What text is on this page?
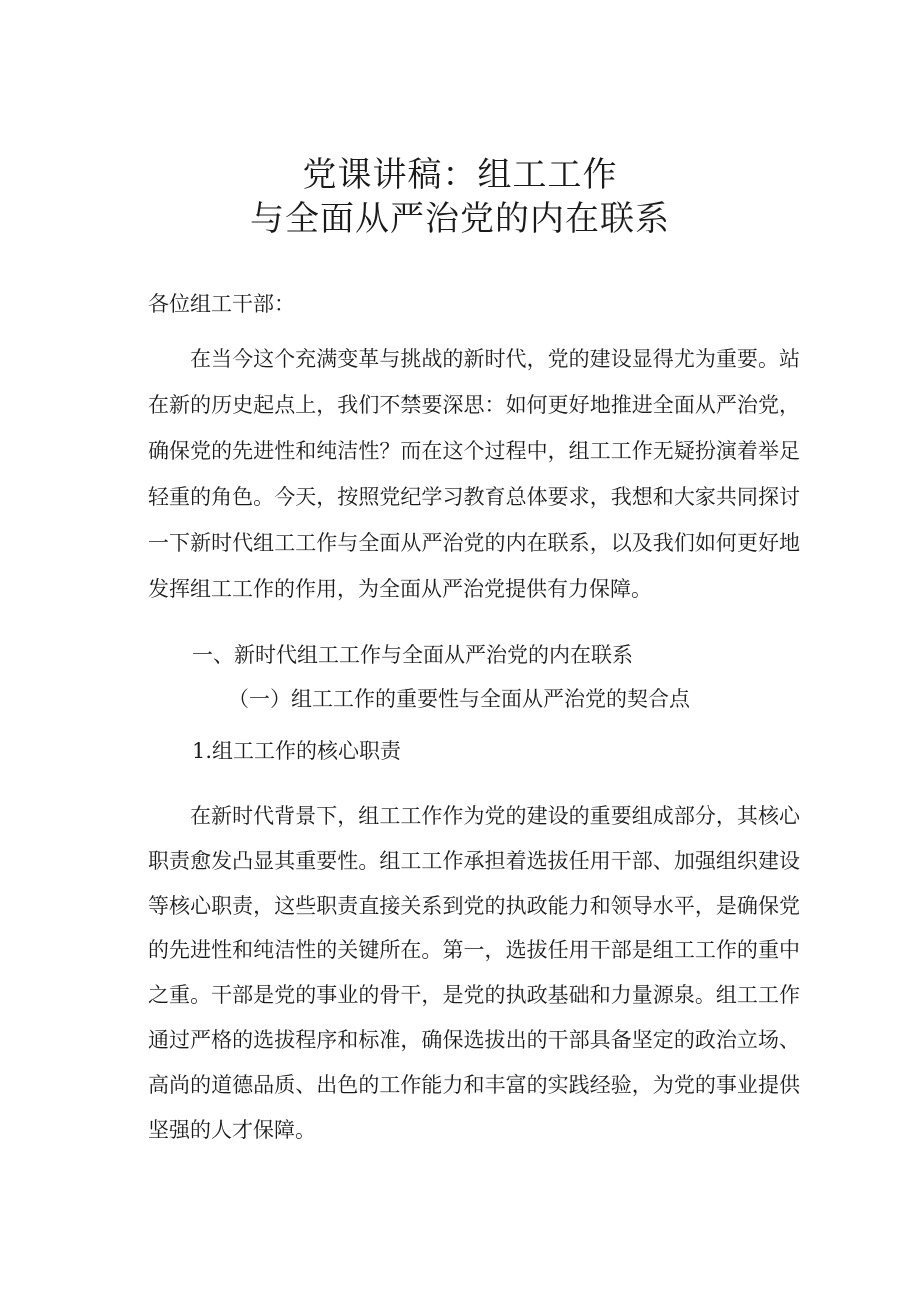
党课讲稿：组工工作
与全面从严治党的内在联系
各位组工干部：

在当今这个充满变革与挑战的新时代，党的建设显得尤为重要。站在新的历史起点上，我们不禁要深思：如何更好地推进全面从严治党，确保党的先进性和纯洁性？而在这个过程中，组工工作无疑扮演着举足轻重的角色。今天，按照党纪学习教育总体要求，我想和大家共同探讨一下新时代组工工作与全面从严治党的内在联系，以及我们如何更好地发挥组工工作的作用，为全面从严治党提供有力保障。

一、新时代组工工作与全面从严治党的内在联系
（一）组工工作的重要性与全面从严治党的契合点
1.组工工作的核心职责

在新时代背景下，组工工作作为党的建设的重要组成部分，其核心职责愈发凸显其重要性。组工工作承担着选拔任用干部、加强组织建设等核心职责，这些职责直接关系到党的执政能力和领导水平，是确保党的先进性和纯洁性的关键所在。第一，选拔任用干部是组工工作的重中之重。干部是党的事业的骨干，是党的执政基础和力量源泉。组工工作通过严格的选拔程序和标准，确保选拔出的干部具备坚定的政治立场、高尚的道德品质、出色的工作能力和丰富的实践经验，为党的事业提供坚强的人才保障。
